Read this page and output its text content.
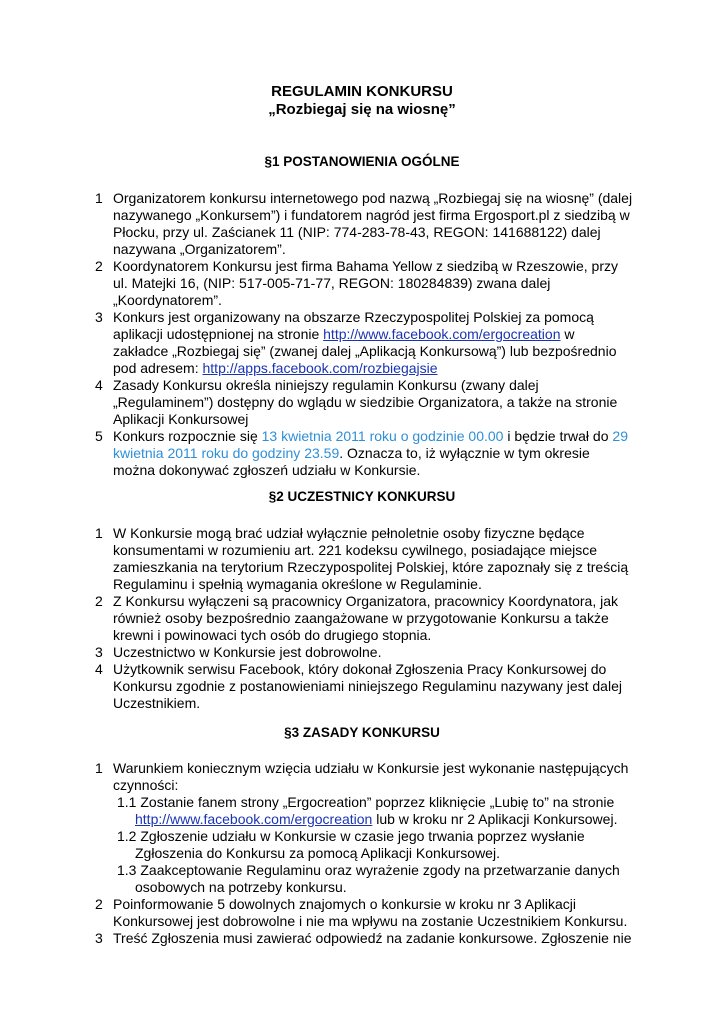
REGULAMIN KONKURSU
„Rozbiegaj się na wiosnę”
§1 POSTANOWIENIA OGÓLNE
1 Organizatorem konkursu internetowego pod nazwą „Rozbiegaj się na wiosnę” (dalej
nazywanego „Konkursem”) i fundatorem nagród jest firma Ergosport.pl z siedzibą w
Płocku, przy ul. Zaścianek 11 (NIP: 774-283-78-43, REGON: 141688122) dalej
nazywana „Organizatorem”.
2 Koordynatorem Konkursu jest firma Bahama Yellow z siedzibą w Rzeszowie, przy
ul. Matejki 16, (NIP: 517-005-71-77, REGON: 180284839) zwana dalej
„Koordynatorem”.
3 Konkurs jest organizowany na obszarze Rzeczypospolitej Polskiej za pomocą
aplikacji udostępnionej na stronie http://www.facebook.com/ergocreation w
zakładce „Rozbiegaj się” (zwanej dalej „Aplikacją Konkursową”) lub bezpośrednio
pod adresem: http://apps.facebook.com/rozbiegajsie
4 Zasady Konkursu określa niniejszy regulamin Konkursu (zwany dalej
„Regulaminem”) dostępny do wglądu w siedzibie Organizatora, a także na stronie
Aplikacji Konkursowej
5 Konkurs rozpocznie się 13 kwietnia 2011 roku o godzinie 00.00 i będzie trwał do 29
kwietnia 2011 roku do godziny 23.59. Oznacza to, iż wyłącznie w tym okresie
można dokonywać zgłoszeń udziału w Konkursie.
§2 UCZESTNICY KONKURSU
1 W Konkursie mogą brać udział wyłącznie pełnoletnie osoby fizyczne będące
konsumentami w rozumieniu art. 221 kodeksu cywilnego, posiadające miejsce
zamieszkania na terytorium Rzeczypospolitej Polskiej, które zapoznały się z treścią
Regulaminu i spełnią wymagania określone w Regulaminie.
2 Z Konkursu wyłączeni są pracownicy Organizatora, pracownicy Koordynatora, jak
również osoby bezpośrednio zaangażowane w przygotowanie Konkursu a także
krewni i powinowaci tych osób do drugiego stopnia.
3 Uczestnictwo w Konkursie jest dobrowolne.
4 Użytkownik serwisu Facebook, który dokonał Zgłoszenia Pracy Konkursowej do
Konkursu zgodnie z postanowieniami niniejszego Regulaminu nazywany jest dalej
Uczestnikiem.
§3 ZASADY KONKURSU
1 Warunkiem koniecznym wzięcia udziału w Konkursie jest wykonanie następujących
czynności:
1.1 Zostanie fanem strony „Ergocreation” poprzez kliknięcie „Lubię to” na stronie
http://www.facebook.com/ergocreation lub w kroku nr 2 Aplikacji Konkursowej.
1.2 Zgłoszenie udziału w Konkursie w czasie jego trwania poprzez wysłanie
Zgłoszenia do Konkursu za pomocą Aplikacji Konkursowej.
1.3 Zaakceptowanie Regulaminu oraz wyrażenie zgody na przetwarzanie danych
osobowych na potrzeby konkursu.
2 Poinformowanie 5 dowolnych znajomych o konkursie w kroku nr 3 Aplikacji
Konkursowej jest dobrowolne i nie ma wpływu na zostanie Uczestnikiem Konkursu.
3 Treść Zgłoszenia musi zawierać odpowiedź na zadanie konkursowe. Zgłoszenie nie
